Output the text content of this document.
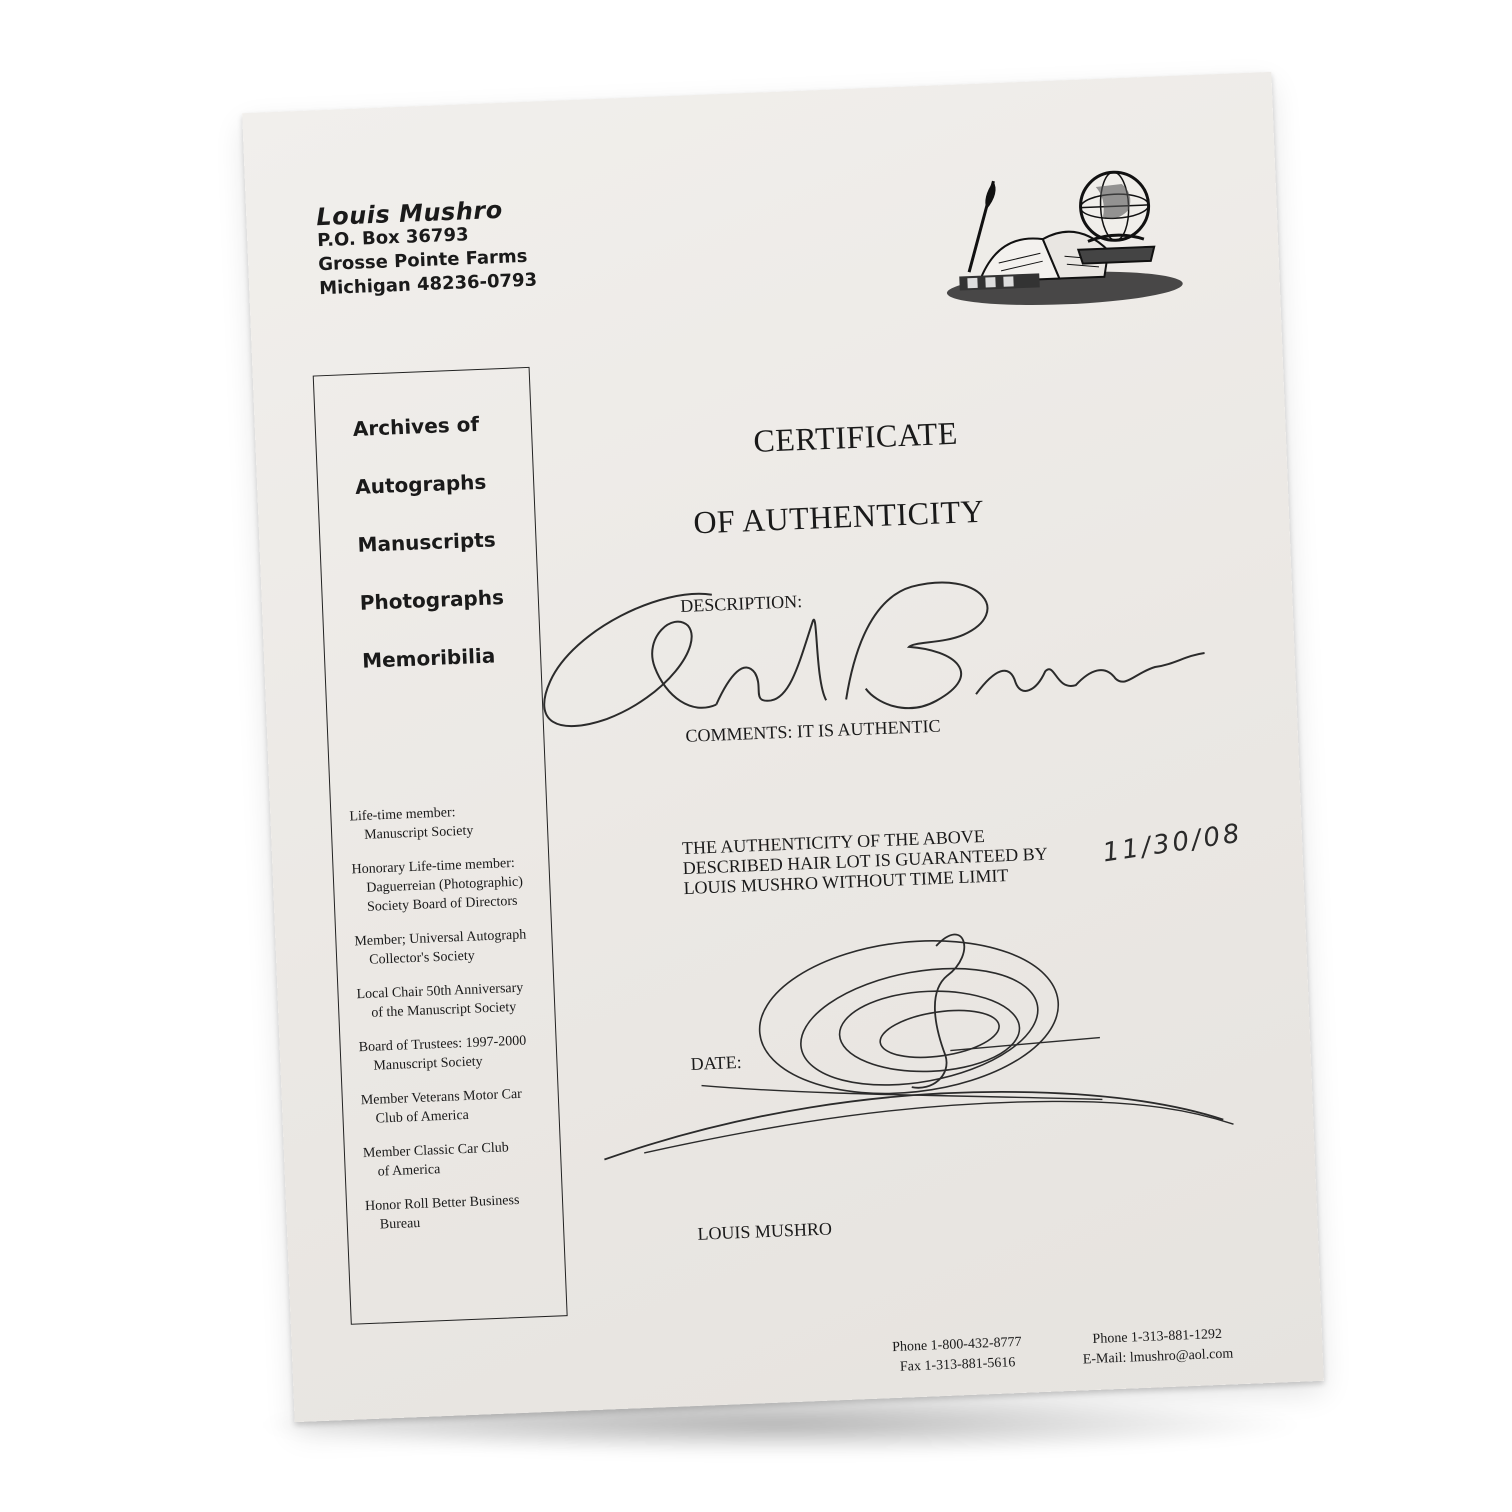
Louis Mushro
P.O. Box 36793
Grosse Pointe Farms
Michigan 48236-0793
Archives of
Autographs
Manuscripts
Photographs
Memoribilia
Life-time member:
Manuscript Society
Honorary Life-time member:
Daguerreian (Photographic) Society Board of Directors
Member; Universal Autograph
Collector's Society
Local Chair 50th Anniversary
of the Manuscript Society
Board of Trustees: 1997-2000
Manuscript Society
Member Veterans Motor Car
Club of America
Member Classic Car Club
of America
Honor Roll Better Business
Bureau
CERTIFICATE
OF AUTHENTICITY
DESCRIPTION:
COMMENTS: IT IS AUTHENTIC
THE AUTHENTICITY OF THE ABOVE DESCRIBED HAIR LOT IS GUARANTEED BY LOUIS MUSHRO WITHOUT TIME LIMIT
DATE:
LOUIS MUSHRO
11/30/08
Phone 1-800-432-8777
Fax 1-313-881-5616
Phone 1-313-881-1292
E-Mail: lmushro@aol.com
